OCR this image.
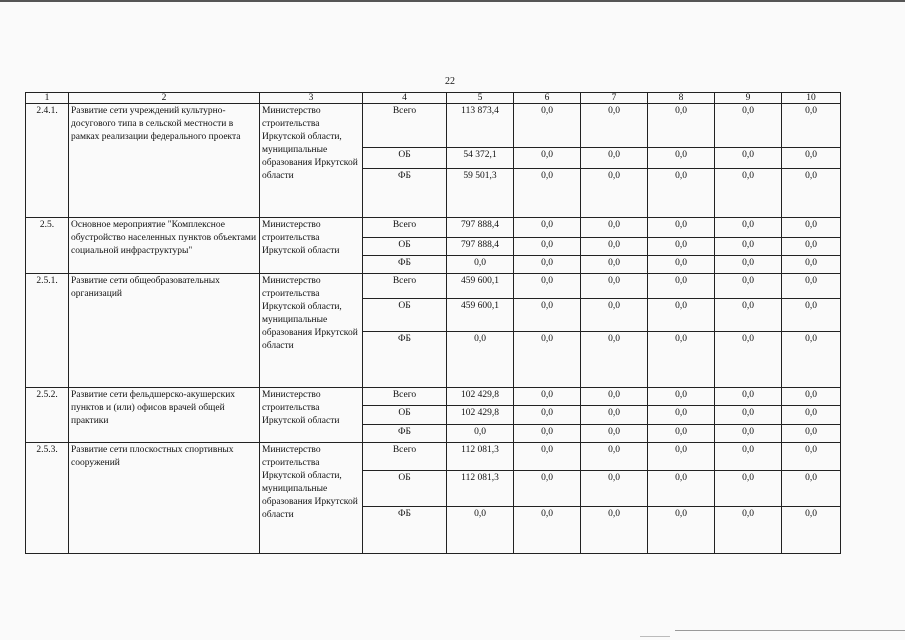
22
1	2	3	4	5	6	7	8	9	10
2.4.1.	Развитие сети учреждений культурно-досугового типа в сельской местности в рамках реализации федерального проекта	Министерство строительства Иркутской области, муниципальные образования Иркутской области	Всего	113 873,4	0,0	0,0	0,0	0,0	0,0
			ОБ	54 372,1	0,0	0,0	0,0	0,0	0,0
			ФБ	59 501,3	0,0	0,0	0,0	0,0	0,0
2.5.	Основное мероприятие "Комплексное обустройство населенных пунктов объектами социальной инфраструктуры"	Министерство строительства Иркутской области	Всего	797 888,4	0,0	0,0	0,0	0,0	0,0
			ОБ	797 888,4	0,0	0,0	0,0	0,0	0,0
			ФБ	0,0	0,0	0,0	0,0	0,0	0,0
2.5.1.	Развитие сети общеобразовательных организаций	Министерство строительства Иркутской области, муниципальные образования Иркутской области	Всего	459 600,1	0,0	0,0	0,0	0,0	0,0
			ОБ	459 600,1	0,0	0,0	0,0	0,0	0,0
			ФБ	0,0	0,0	0,0	0,0	0,0	0,0
2.5.2.	Развитие сети фельдшерско-акушерских пунктов и (или) офисов врачей общей практики	Министерство строительства Иркутской области	Всего	102 429,8	0,0	0,0	0,0	0,0	0,0
			ОБ	102 429,8	0,0	0,0	0,0	0,0	0,0
			ФБ	0,0	0,0	0,0	0,0	0,0	0,0
2.5.3.	Развитие сети плоскостных спортивных сооружений	Министерство строительства Иркутской области, муниципальные образования Иркутской области	Всего	112 081,3	0,0	0,0	0,0	0,0	0,0
			ОБ	112 081,3	0,0	0,0	0,0	0,0	0,0
			ФБ	0,0	0,0	0,0	0,0	0,0	0,0
